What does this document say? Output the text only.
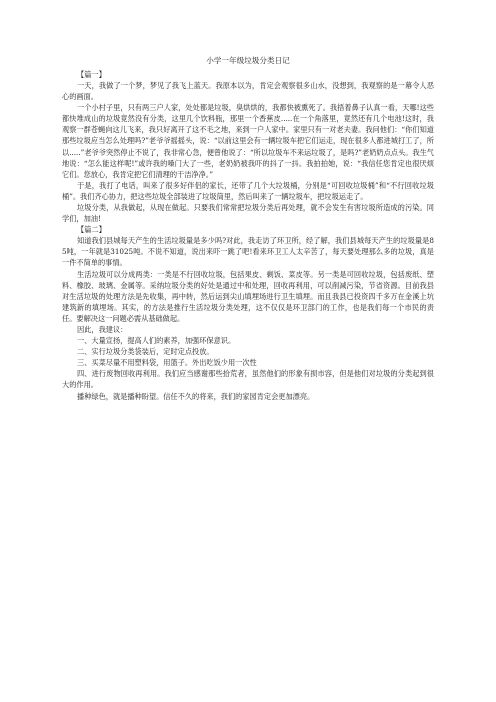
小学一年级垃圾分类日记
【篇一】

一天，我做了一个梦，梦见了我飞上蓝天。我原本以为，肯定会观察很多山水，没想到，我观察的是一幕令人恶心的画面。

一个小村子里，只有两三户人家，处处都是垃圾，臭烘烘的，我都快被熏死了。我捂着鼻子认真一看，天哪!这些都快堆成山的垃圾竟然没有分类，这里几个饮料瓶，那里一个香蕉皮.....在一个角落里，竟然还有几个电池!这时，我观察一群苍蝇向这儿飞来，我只好离开了这不毛之地，来到一户人家中。家里只有一对老夫妻。我问他们：“你们知道那些垃圾应当怎么处理吗?”老爷爷摇摇头，说：“以前这里会有一辆垃圾车把它们运走，现在很多人都进城打工了，所以.....”老爷爷突然停止不说了，我非常心急，便曾他说了：“所以垃圾车不来运垃圾了，是吗?”老奶奶点点头。我生气地说：“怎么能这样呢!”或许我的嗓门大了一些，老奶奶被我吓的抖了一抖。我拍拍她，说：“我信任您肯定也很厌烦它们。您放心，我肯定把它们清理的干洁净净。”

于是，我打了电话，叫来了很多好伴侣的家长，还带了几个大垃圾桶，分别是“可回收垃圾桶”和“不行回收垃圾桶”。我们齐心协力，把这些垃圾全部装进了垃圾筒里，然后叫来了一辆垃圾车，把垃圾运走了。

垃圾分类，从我做起，从现在做起。只要我们常常把垃圾分类后再处理，就不会发生有害垃圾所造成的污染。同学们，加油!

【篇二】

知道我们县城每天产生的生活垃圾量是多少吗?对此，我走访了环卫所，经了解，我们县城每天产生的垃圾量是85吨，一年就是31025吨。不说不知道，说出来吓一跳了吧!看来环卫工人太辛苦了，每天要处理那么多的垃圾，真是一件不简单的事情。

生活垃圾可以分成两类：一类是不行回收垃圾，包括果皮、剩饭、菜皮等。另一类是可回收垃圾，包括废纸、塑料、橡胶、玻璃、金属等。采纳垃圾分类的好处是通过中和处理，回收再利用，可以削减污染，节省资源。目前我县对生活垃圾的处理方法是先收集，再中转，然后运到尖山填埋场进行卫生填埋。而且我县已投资四千多万在金溪上坑建筑新的填埋场。其实，的方法是推行生活垃圾分类处理，这不仅仅是环卫部门的工作，也是我们每一个市民的责任。要解决这一问题必需从基础做起。

因此，我建议：

一、大量宣扬，提高人们的素养，加强环保意识。

二、实行垃圾分类袋装后，定时定点投放。

三、买菜尽量不用塑料袋，用篮子。外出吃饭少用一次性

四、进行废物回收再利用。我们应当感谢那些拾荒者，虽然他们的形象有损市容，但是他们对垃圾的分类起到很大的作用。

播种绿色，就是播种盼望。信任不久的将来，我们的家园肯定会更加漂亮。
